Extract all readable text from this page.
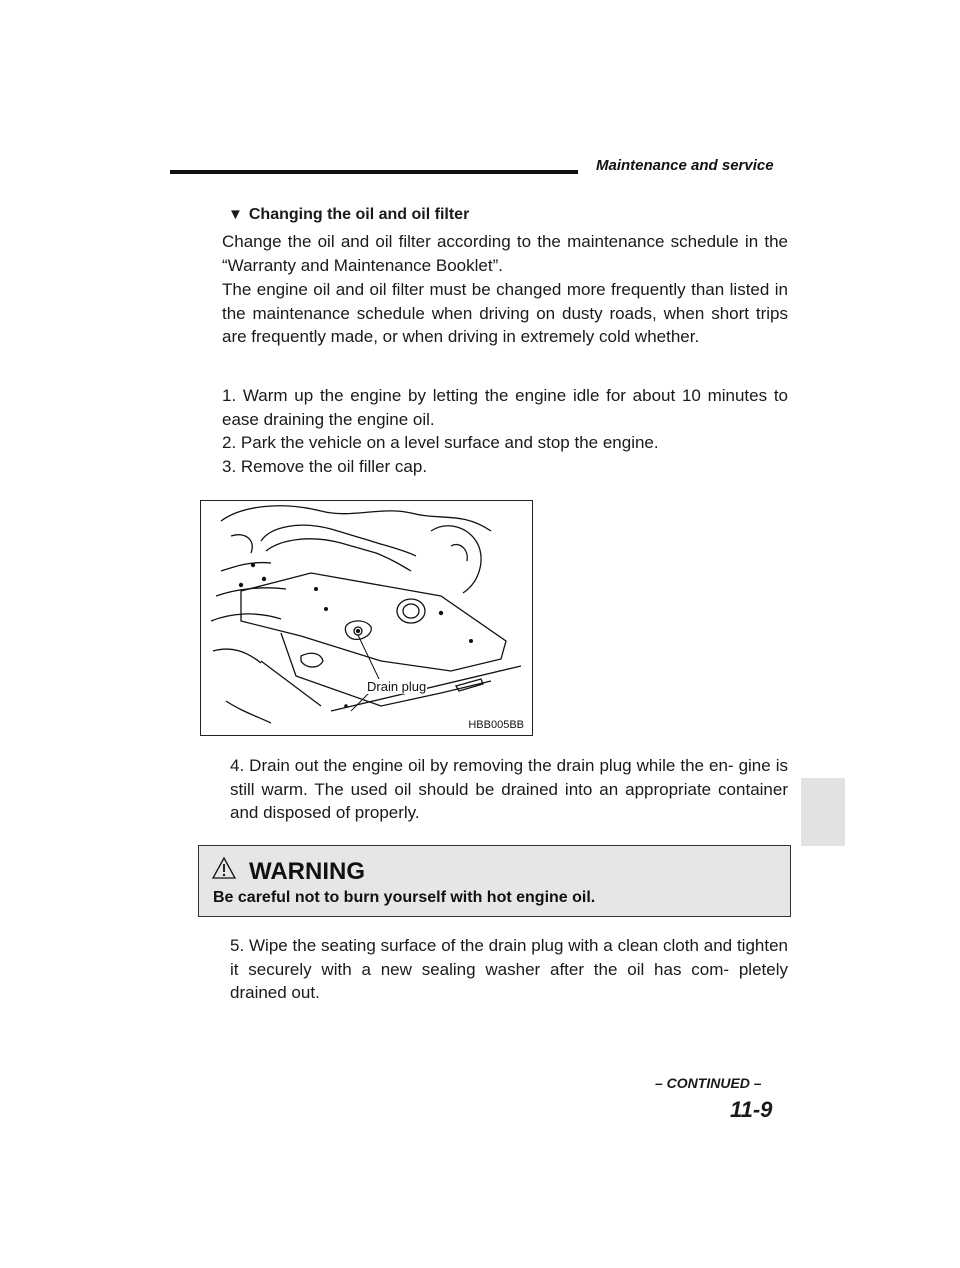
Maintenance and service
▼ Changing the oil and oil filter
Change the oil and oil filter according to the maintenance schedule in the “Warranty and Maintenance Booklet”.
The engine oil and oil filter must be changed more frequently than listed in the maintenance schedule when driving on dusty roads, when short trips are frequently made, or when driving in extremely cold whether.
1. Warm up the engine by letting the engine idle for about 10 minutes to ease draining the engine oil.
2. Park the vehicle on a level surface and stop the engine.
3. Remove the oil filler cap.
Drain plug
HBB005BB
4. Drain out the engine oil by removing the drain plug while the en- gine is still warm. The used oil should be drained into an appropriate container and disposed of properly.
WARNING
Be careful not to burn yourself with hot engine oil.
5. Wipe the seating surface of the drain plug with a clean cloth and tighten it securely with a new sealing washer after the oil has com- pletely drained out.
– CONTINUED –
11-9
